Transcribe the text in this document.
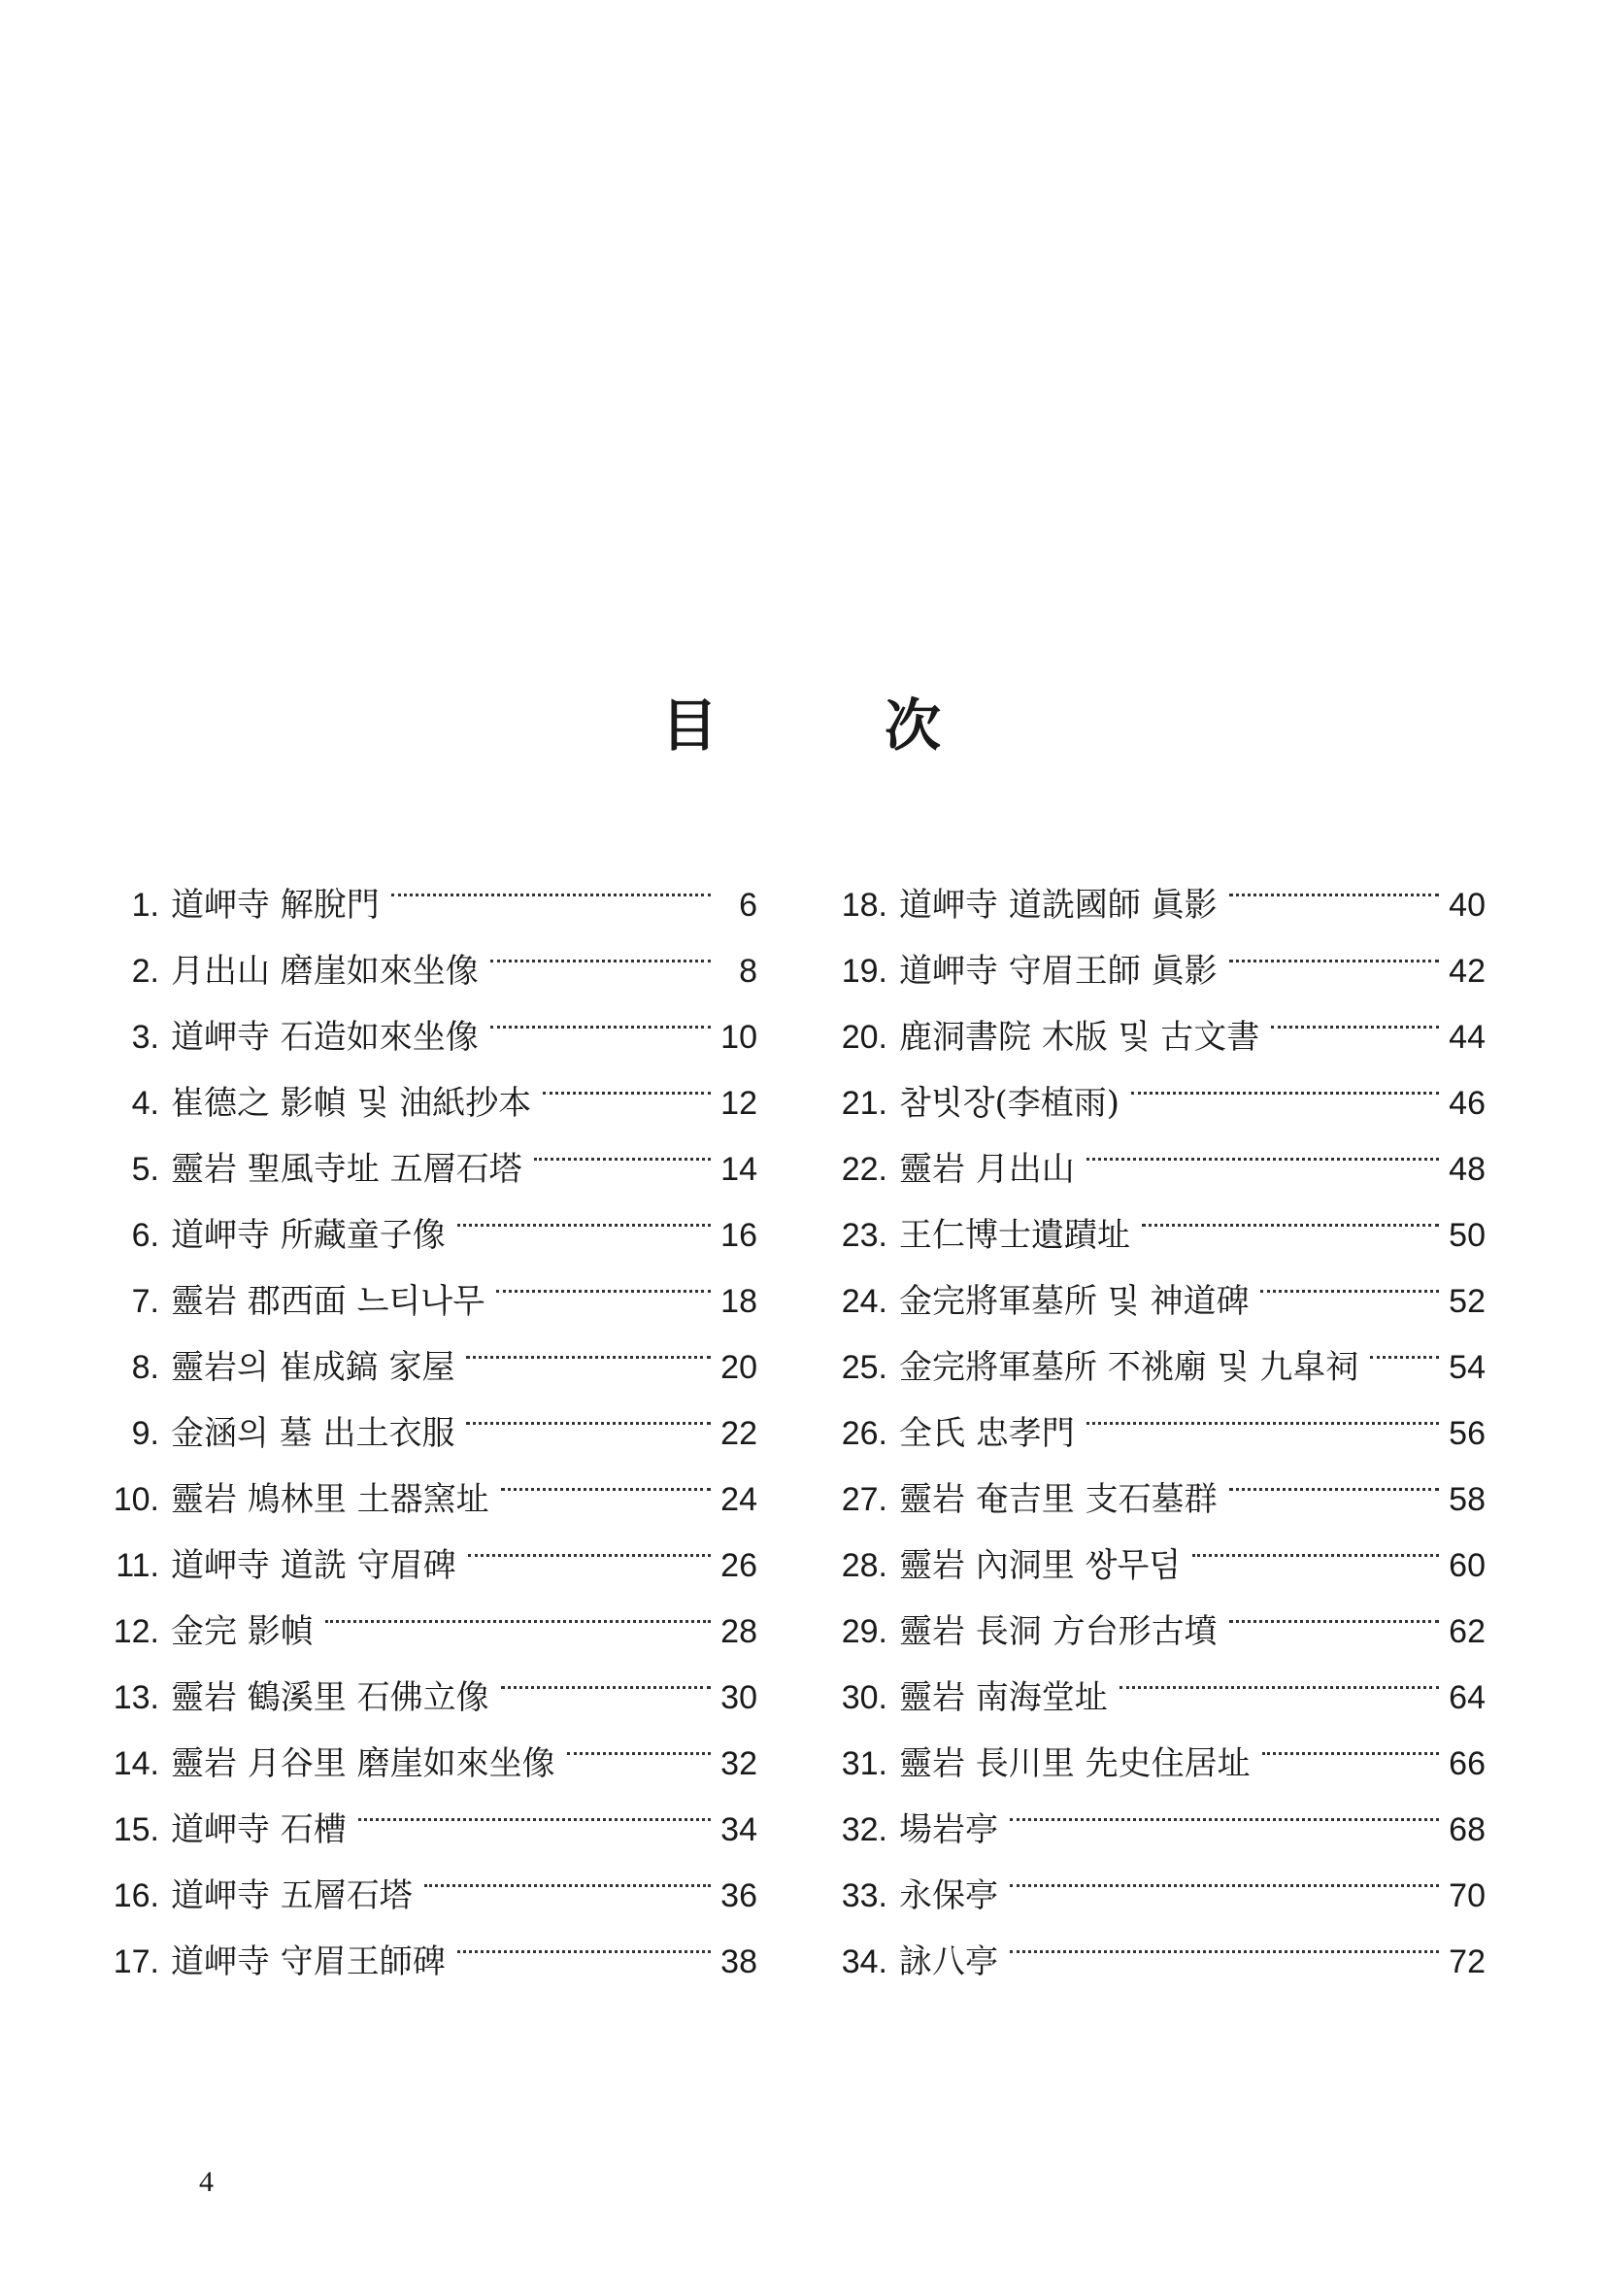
目	次
1. 道岬寺 解脫門	6
2. 月出山 磨崖如來坐像	8
3. 道岬寺 石造如來坐像	10
4. 崔德之 影幀 및 油紙抄本	12
5. 靈岩 聖風寺址 五層石塔	14
6. 道岬寺 所藏童子像	16
7. 靈岩 郡西面 느티나무	18
8. 靈岩의 崔成鎬 家屋	20
9. 金涵의 墓 出土衣服	22
10. 靈岩 鳩林里 土器窯址	24
11. 道岬寺 道詵 守眉碑	26
12. 金完 影幀	28
13. 靈岩 鶴溪里 石佛立像	30
14. 靈岩 月谷里 磨崖如來坐像	32
15. 道岬寺 石槽	34
16. 道岬寺 五層石塔	36
17. 道岬寺 守眉王師碑	38
18. 道岬寺 道詵國師 眞影	40
19. 道岬寺 守眉王師 眞影	42
20. 鹿洞書院 木版 및 古文書	44
21. 참빗장(李植雨)	46
22. 靈岩 月出山	48
23. 王仁博士遺蹟址	50
24. 金完將軍墓所 및 神道碑	52
25. 金完將軍墓所 不祧廟 및 九皐祠	54
26. 全氏 忠孝門	56
27. 靈岩 奄吉里 支石墓群	58
28. 靈岩 內洞里 쌍무덤	60
29. 靈岩 長洞 方台形古墳	62
30. 靈岩 南海堂址	64
31. 靈岩 長川里 先史住居址	66
32. 場岩亭	68
33. 永保亭	70
34. 詠八亭	72
4
